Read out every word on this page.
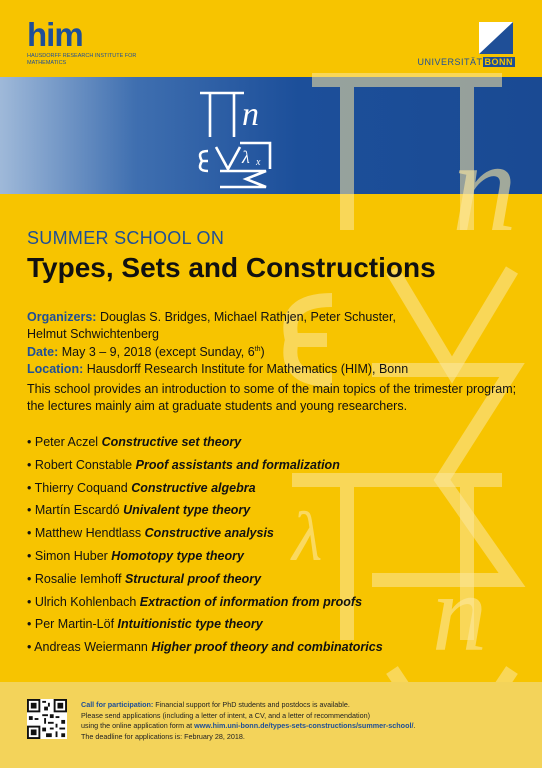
n
n
λ
him
HAUSDORFF RESEARCH INSTITUTE FOR MATHEMATICS	UNIVERSITÄT BONN
n
λ x
SUMMER SCHOOL ON
Types, Sets and Constructions
Organizers: Douglas S. Bridges, Michael Rathjen, Peter Schuster,
Helmut Schwichtenberg
Date: May 3 – 9, 2018 (except Sunday, 6th)
Location: Hausdorff Research Institute for Mathematics (HIM), Bonn
This school provides an introduction to some of the main topics of the trimester program; the lectures mainly aim at graduate students and young researchers.
• Peter Aczel Constructive set theory
• Robert Constable Proof assistants and formalization
• Thierry Coquand Constructive algebra
• Martín Escardó Univalent type theory
• Matthew Hendtlass Constructive analysis
• Simon Huber Homotopy type theory
• Rosalie Iemhoff Structural proof theory
• Ulrich Kohlenbach Extraction of information from proofs
• Per Martin-Löf Intuitionistic type theory
• Andreas Weiermann Higher proof theory and combinatorics
Call for participation: Financial support for PhD students and postdocs is available.
Please send applications (including a letter of intent, a CV, and a letter of recommendation)
using the online application form at www.him.uni-bonn.de/types-sets-constructions/summer-school/.
The deadline for applications is: February 28, 2018.
